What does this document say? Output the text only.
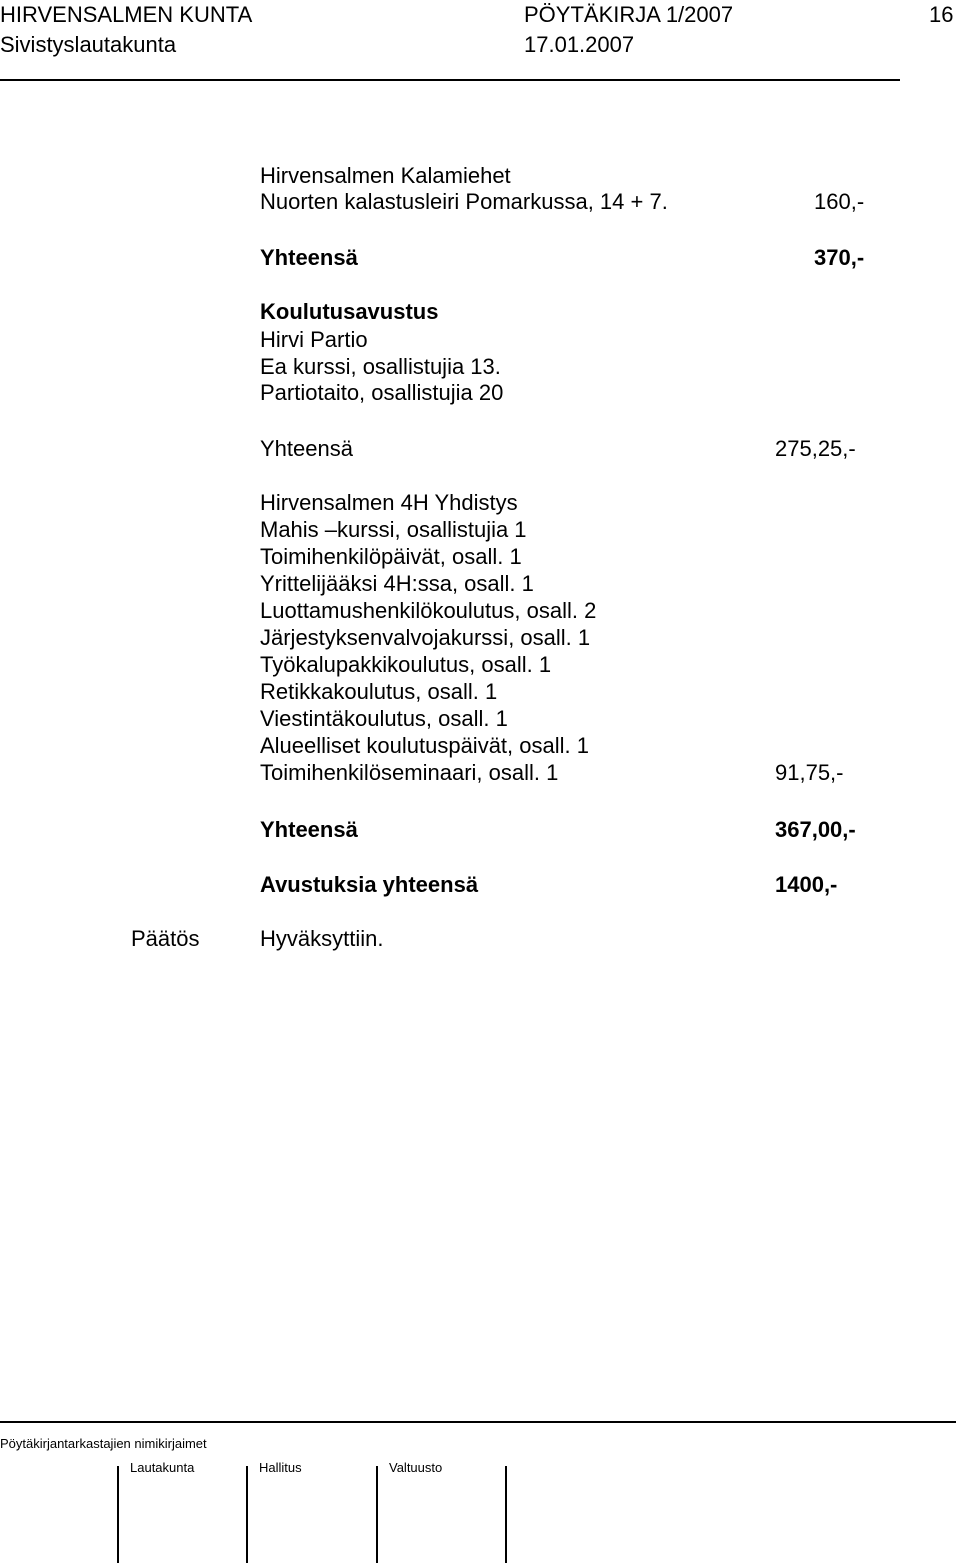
HIRVENSALMEN KUNTA	PÖYTÄKIRJA 1/2007	16
Sivistyslautakunta	17.01.2007
Hirvensalmen Kalamiehet
Nuorten kalastusleiri Pomarkussa, 14 + 7.	160,-
Yhteensä	370,-
Koulutusavustus
Hirvi Partio
Ea kurssi, osallistujia 13.
Partiotaito, osallistujia 20
Yhteensä	275,25,-
Hirvensalmen 4H Yhdistys
Mahis –kurssi, osallistujia 1
Toimihenkilöpäivät, osall. 1
Yrittelijääksi 4H:ssa, osall. 1
Luottamushenkilökoulutus, osall. 2
Järjestyksenvalvojakurssi, osall. 1
Työkalupakkikoulutus, osall. 1
Retikkakoulutus, osall. 1
Viestintäkoulutus, osall. 1
Alueelliset koulutuspäivät, osall. 1
Toimihenkilöseminaari, osall. 1	91,75,-
Yhteensä	367,00,-
Avustuksia yhteensä	1400,-
Päätös	Hyväksyttiin.
Pöytäkirjantarkastajien nimikirjaimet
Lautakunta	Hallitus	Valtuusto
